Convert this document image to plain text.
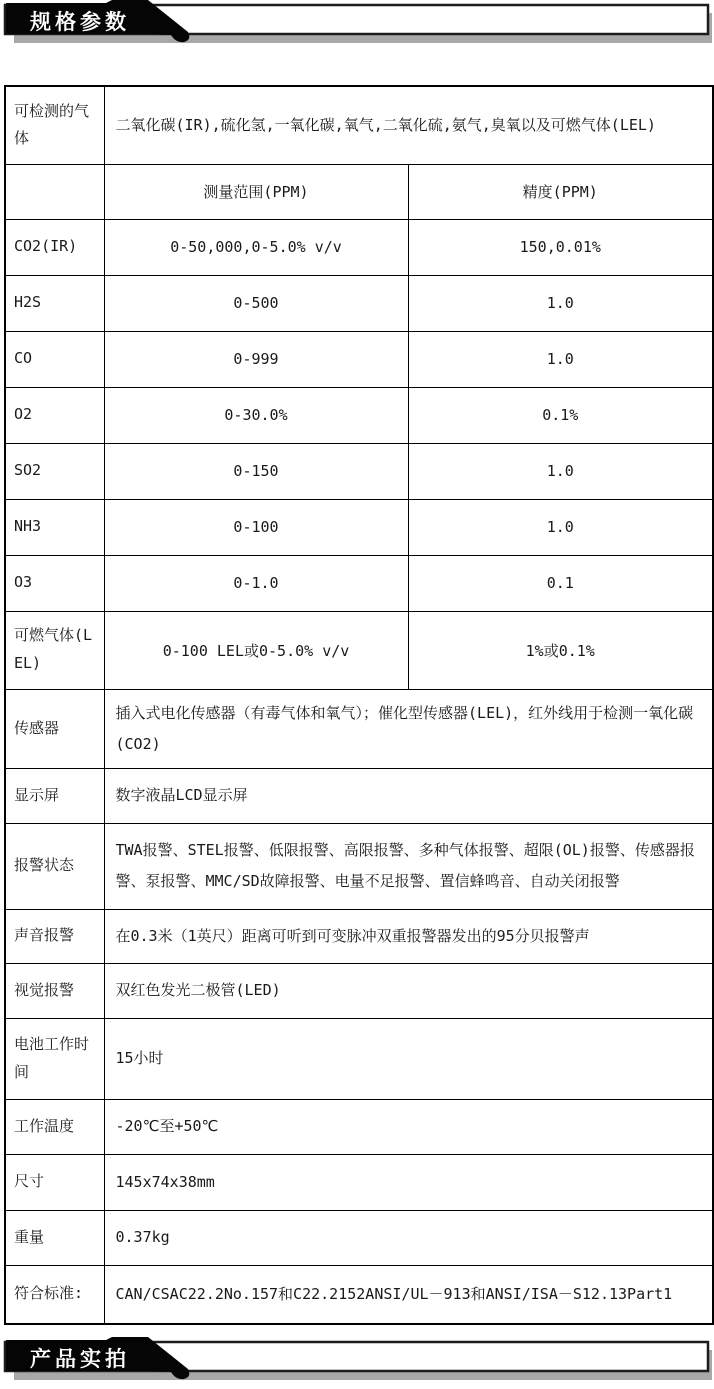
规格参数
可检测的气体	二氧化碳(IR),硫化氢,一氧化碳,氧气,二氧化硫,氨气,臭氧以及可燃气体(LEL)	
	测量范围(PPM)	精度(PPM)
CO2(IR)	0-50,000,0-5.0% v/v	150,0.01%
H2S	0-500	1.0
CO	0-999	1.0
O2	0-30.0%	0.1%
SO2	0-150	1.0
NH3	0-100	1.0
O3	0-1.0	0.1
可燃气体(LEL)	0-100 LEL或0-5.0% v/v	1%或0.1%
传感器	插入式电化传感器（有毒气体和氧气）；催化型传感器(LEL)，红外线用于检测一氧化碳(CO2)	
显示屏	数字液晶LCD显示屏	
报警状态	TWA报警、STEL报警、低限报警、高限报警、多种气体报警、超限(OL)报警、传感器报警、泵报警、MMC/SD故障报警、电量不足报警、置信蜂鸣音、自动关闭报警	
声音报警	在0.3米（1英尺）距离可听到可变脉冲双重报警器发出的95分贝报警声	
视觉报警	双红色发光二极管(LED)	
电池工作时间	15小时	
工作温度	-20℃至+50℃	
尺寸	145x74x38mm	
重量	0.37kg	
符合标准:	CAN/CSAC22.2No.157和C22.2152ANSI/UL－913和ANSI/ISA－S12.13Part1	
产品实拍
